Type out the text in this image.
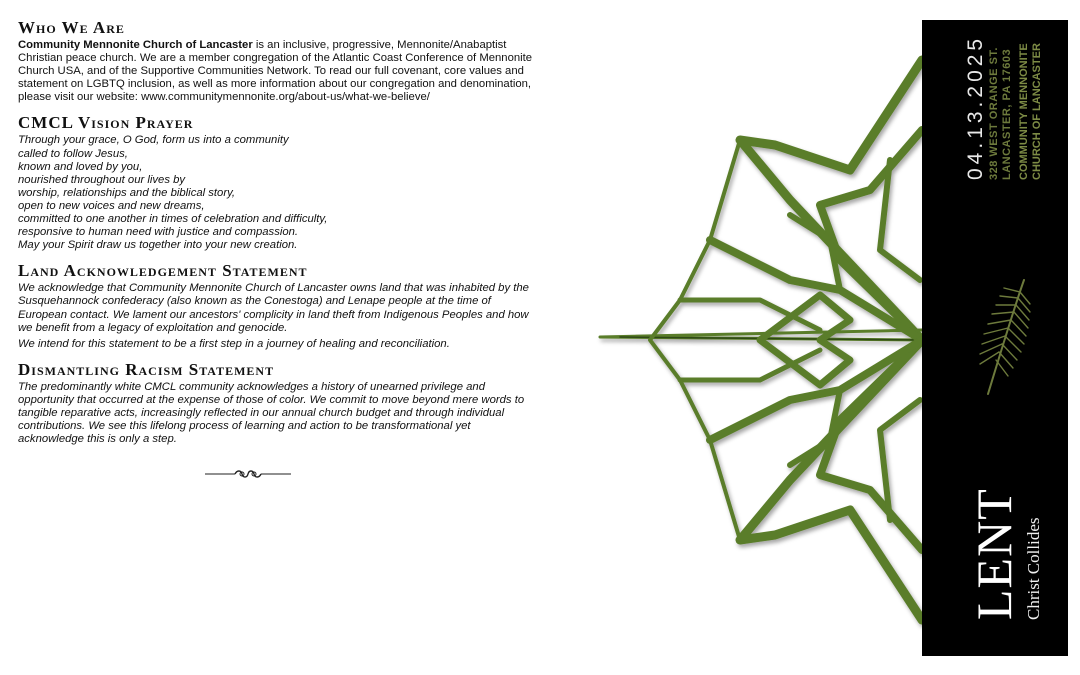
Who We Are

Community Mennonite Church of Lancaster is an inclusive, progressive, Mennonite/Anabaptist Christian peace church. We are a member congregation of the Atlantic Coast Conference of Mennonite Church USA, and of the Supportive Communities Network. To read our full covenant, core values and statement on LGBTQ inclusion, as well as more information about our congregation and denomination, please visit our website: www.communitymennonite.org/about-us/what-we-believe/

CMCL Vision Prayer

Through your grace, O God, form us into a community

called to follow Jesus,

known and loved by you,

nourished throughout our lives by

worship, relationships and the biblical story,

open to new voices and new dreams,

committed to one another in times of celebration and difficulty,

responsive to human need with justice and compassion.

May your Spirit draw us together into your new creation.

Land Acknowledgement Statement

We acknowledge that Community Mennonite Church of Lancaster owns land that was inhabited by the Susquehannock confederacy (also known as the Conestoga) and Lenape people at the time of European contact. We lament our ancestors' complicity in land theft from Indigenous Peoples and how we benefit from a legacy of exploitation and genocide.

We intend for this statement to be a first step in a journey of healing and reconciliation.

Dismantling Racism Statement

The predominantly white CMCL community acknowledges a history of unearned privilege and opportunity that occurred at the expense of those of color. We commit to move beyond mere words to tangible reparative acts, increasingly reflected in our annual church budget and through individual contributions. We see this lifelong process of learning and action to be transformational yet acknowledge this is only a step.

04.13.2025 328 WEST ORANGE ST. LANCASTER, PA 17603 COMMUNITY MENNONITE CHURCH OF LANCASTER
LENT Christ Collides
